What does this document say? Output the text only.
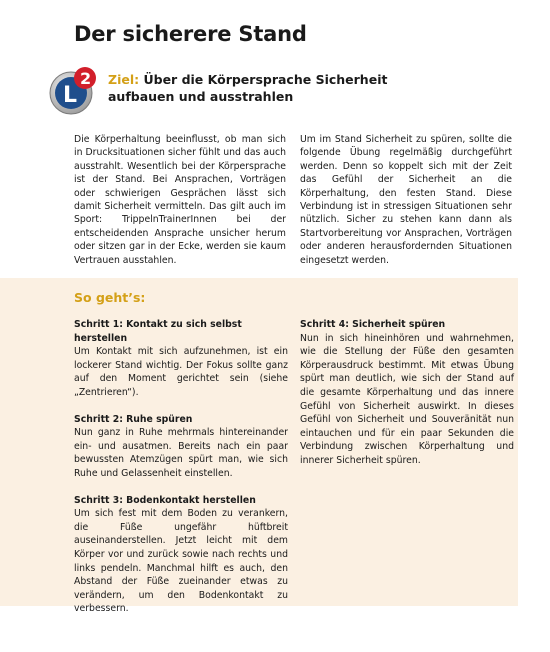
Der sicherere Stand
L
2 Ziel: Über die Körpersprache Sicherheit aufbauen und ausstrahlen
Die Körperhaltung beeinflusst, ob man sich in Drucksituationen sicher fühlt und das auch ausstrahlt. Wesentlich bei der Körpersprache ist der Stand. Bei Ansprachen, Vorträgen oder schwierigen Gesprächen lässt sich damit Sicherheit vermitteln. Das gilt auch im Sport: TrippelnTrainerInnen bei der entscheidenden Ansprache unsicher herum oder sitzen gar in der Ecke, werden sie kaum Vertrauen ausstahlen.
Um im Stand Sicherheit zu spüren, sollte die folgende Übung regelmäßig durchgeführt werden. Denn so koppelt sich mit der Zeit das Gefühl der Sicherheit an die Körperhaltung, den festen Stand. Diese Verbindung ist in stressigen Situationen sehr nützlich. Sicher zu stehen kann dann als Startvorbereitung vor Ansprachen, Vorträgen oder anderen herausfordernden Situationen eingesetzt werden.
So geht’s:
Schritt 1: Kontakt zu sich selbst herstellen
Um Kontakt mit sich aufzunehmen, ist ein lockerer Stand wichtig. Der Fokus sollte ganz auf den Moment gerichtet sein (siehe „Zentrieren“).
Schritt 2: Ruhe spüren
Nun ganz in Ruhe mehrmals hintereinander ein- und ausatmen. Bereits nach ein paar bewussten Atemzügen spürt man, wie sich Ruhe und Gelassenheit einstellen.
Schritt 3: Bodenkontakt herstellen
Um sich fest mit dem Boden zu verankern, die Füße ungefähr hüftbreit auseinanderstellen. Jetzt leicht mit dem Körper vor und zurück sowie nach rechts und links pendeln. Manchmal hilft es auch, den Abstand der Füße zueinander etwas zu verändern, um den Bodenkontakt zu verbessern.
Schritt 4: Sicherheit spüren
Nun in sich hineinhören und wahrnehmen, wie die Stellung der Füße den gesamten Körperausdruck bestimmt. Mit etwas Übung spürt man deutlich, wie sich der Stand auf die gesamte Körperhaltung und das innere Gefühl von Sicherheit auswirkt. In dieses Gefühl von Sicherheit und Souveränität nun eintauchen und für ein paar Sekunden die Verbindung zwischen Körperhaltung und innerer Sicherheit spüren.
